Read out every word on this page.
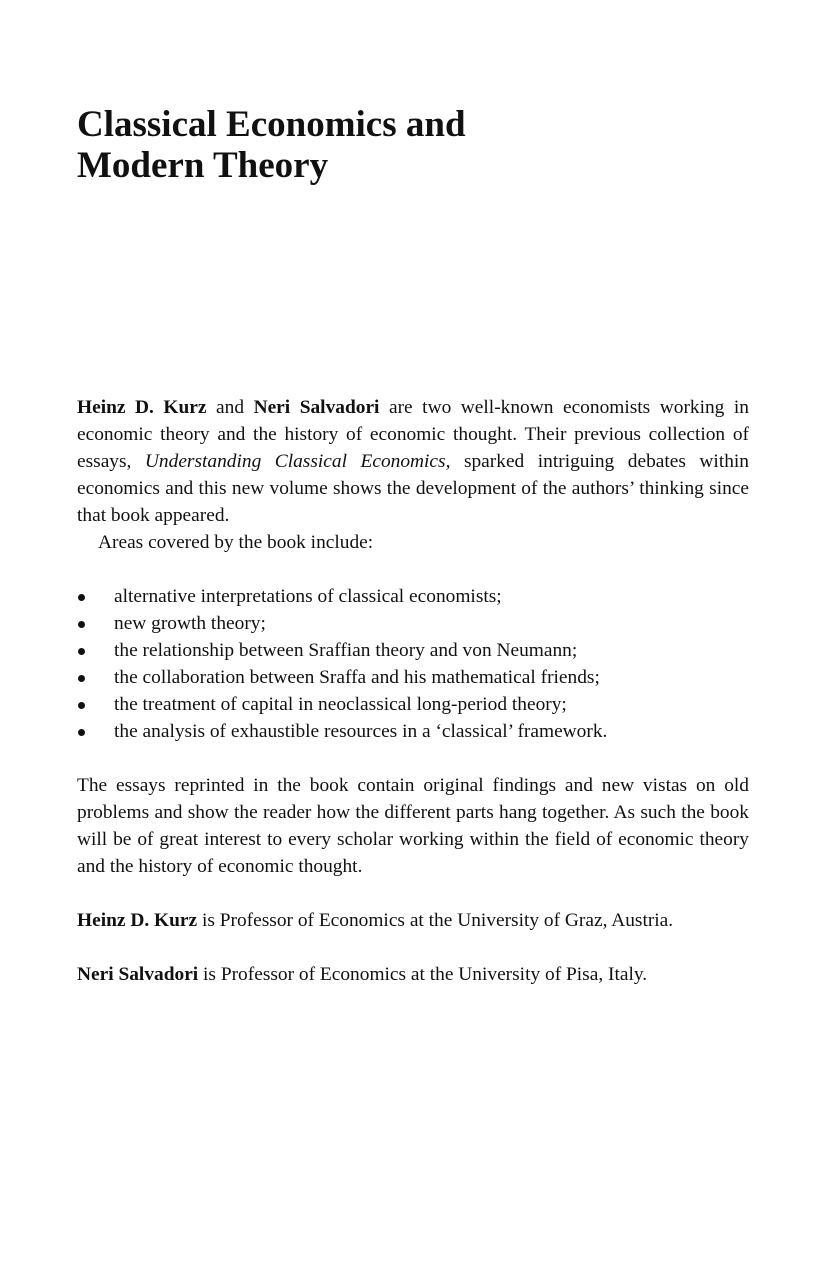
Classical Economics and
Modern Theory

Heinz D. Kurz and Neri Salvadori are two well-known economists working in economic theory and the history of economic thought. Their previous collection of essays, Understanding Classical Economics, sparked intriguing debates within economics and this new volume shows the development of the authors’ thinking since that book appeared.

Areas covered by the book include:

alternative interpretations of classical economists;
new growth theory;
the relationship between Sraffian theory and von Neumann;
the collaboration between Sraffa and his mathematical friends;
the treatment of capital in neoclassical long-period theory;
the analysis of exhaustible resources in a ‘classical’ framework.

The essays reprinted in the book contain original findings and new vistas on old problems and show the reader how the different parts hang together. As such the book will be of great interest to every scholar working within the field of economic theory and the history of economic thought.

Heinz D. Kurz is Professor of Economics at the University of Graz, Austria.

Neri Salvadori is Professor of Economics at the University of Pisa, Italy.
